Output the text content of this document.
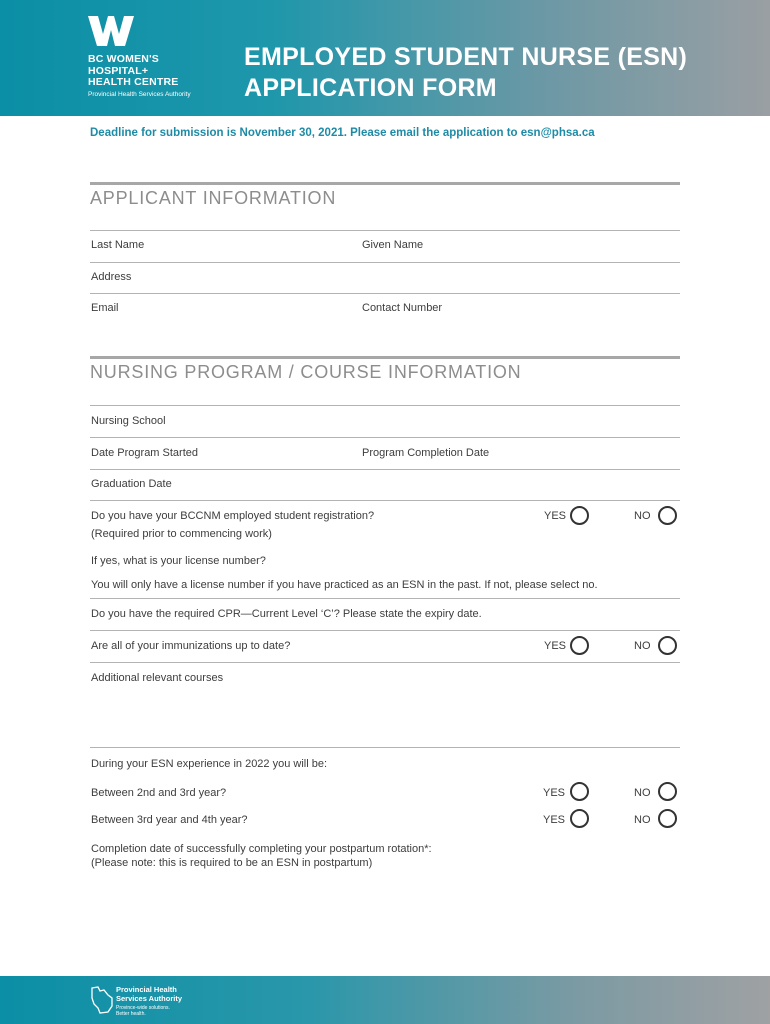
BC WOMEN'S
HOSPITAL+
HEALTH CENTRE
Provincial Health Services Authority
EMPLOYED STUDENT NURSE (ESN)
APPLICATION FORM
Deadline for submission is November 30, 2021. Please email the application to esn@phsa.ca
APPLICANT INFORMATION
Last Name	Given Name
Address
Email	Contact Number
NURSING PROGRAM / COURSE INFORMATION
Nursing School
Date Program Started	Program Completion Date
Graduation Date
Do you have your BCCNM employed student registration?
(Required prior to commencing work)
YES	NO
If yes, what is your license number?
You will only have a license number if you have practiced as an ESN in the past. If not, please select no.
Do you have the required CPR—Current Level ‘C’? Please state the expiry date.
Are all of your immunizations up to date?	YES	NO
Additional relevant courses
During your ESN experience in 2022 you will be:
Between 2nd and 3rd year?	YES	NO
Between 3rd year and 4th year?	YES	NO
Completion date of successfully completing your postpartum rotation*:
(Please note: this is required to be an ESN in postpartum)
Provincial Health
Services Authority
Province-wide solutions.
Better health.
